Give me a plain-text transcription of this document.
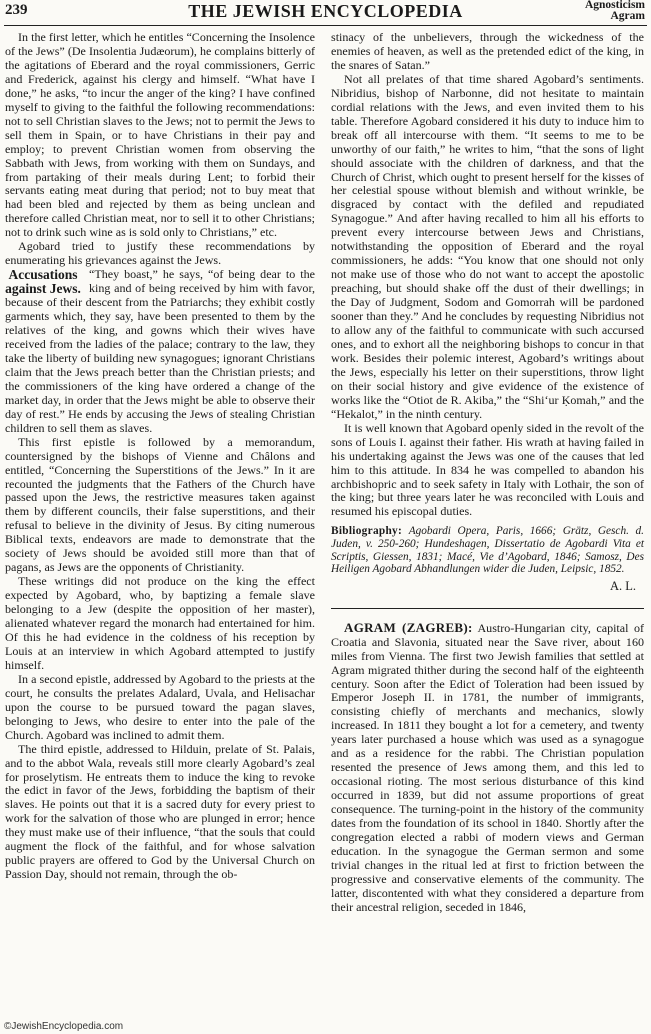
239	THE JEWISH ENCYCLOPEDIA	Agnosticism
Agram

In the first letter, which he entitles “Concerning the Insolence of the Jews” (De Insolentia Judæorum), he complains bitterly of the agitations of Eberard and the royal commissioners, Gerric and Frederick, against his clergy and himself. “What have I done,” he asks, “to incur the anger of the king? I have confined myself to giving to the faithful the following recommendations: not to sell Christian slaves to the Jews; not to permit the Jews to sell them in Spain, or to have Christians in their pay and employ; to prevent Christian women from observing the Sabbath with Jews, from working with them on Sundays, and from partaking of their meals during Lent; to forbid their servants eating meat during that period; not to buy meat that had been bled and rejected by them as being unclean and therefore called Christian meat, nor to sell it to other Christians; not to drink such wine as is sold only to Christians,” etc.

Agobard tried to justify these recommendations by enumerating his grievances against the Jews.

Accusations against Jews.
“They boast,” he says, “of being dear to the king and of being received by him with favor, because of their descent from the Patriarchs; they exhibit costly garments which, they say, have been presented to them by the relatives of the king, and gowns which their wives have received from the ladies of the palace; contrary to the law, they take the liberty of building new synagogues; ignorant Christians claim that the Jews preach better than the Christian priests; and the commissioners of the king have ordered a change of the market day, in order that the Jews might be able to observe their day of rest.” He ends by accusing the Jews of stealing Christian children to sell them as slaves.

This first epistle is followed by a memorandum, countersigned by the bishops of Vienne and Châlons and entitled, “Concerning the Superstitions of the Jews.” In it are recounted the judgments that the Fathers of the Church have passed upon the Jews, the restrictive measures taken against them by different councils, their false superstitions, and their refusal to believe in the divinity of Jesus. By citing numerous Biblical texts, endeavors are made to demonstrate that the society of Jews should be avoided still more than that of pagans, as Jews are the opponents of Christianity.

These writings did not produce on the king the effect expected by Agobard, who, by baptizing a female slave belonging to a Jew (despite the opposition of her master), alienated whatever regard the monarch had entertained for him. Of this he had evidence in the coldness of his reception by Louis at an interview in which Agobard attempted to justify himself.

In a second epistle, addressed by Agobard to the priests at the court, he consults the prelates Adalard, Uvala, and Helisachar upon the course to be pursued toward the pagan slaves, belonging to Jews, who desire to enter into the pale of the Church. Agobard was inclined to admit them.

The third epistle, addressed to Hilduin, prelate of St. Palais, and to the abbot Wala, reveals still more clearly Agobard’s zeal for proselytism. He entreats them to induce the king to revoke the edict in favor of the Jews, forbidding the baptism of their slaves. He points out that it is a sacred duty for every priest to work for the salvation of those who are plunged in error; hence they must make use of their influence, “that the souls that could augment the flock of the faithful, and for whose salvation public prayers are offered to God by the Universal Church on Passion Day, should not remain, through the ob-

stinacy of the unbelievers, through the wickedness of the enemies of heaven, as well as the pretended edict of the king, in the snares of Satan.”

Not all prelates of that time shared Agobard’s sentiments. Nibridius, bishop of Narbonne, did not hesitate to maintain cordial relations with the Jews, and even invited them to his table. Therefore Agobard considered it his duty to induce him to break off all intercourse with them. “It seems to me to be unworthy of our faith,” he writes to him, “that the sons of light should associate with the children of darkness, and that the Church of Christ, which ought to present herself for the kisses of her celestial spouse without blemish and without wrinkle, be disgraced by contact with the defiled and repudiated Synagogue.” And after having recalled to him all his efforts to prevent every intercourse between Jews and Christians, notwithstanding the opposition of Eberard and the royal commissioners, he adds: “You know that one should not only not make use of those who do not want to accept the apostolic preaching, but should shake off the dust of their dwellings; in the Day of Judgment, Sodom and Gomorrah will be pardoned sooner than they.” And he concludes by requesting Nibridius not to allow any of the faithful to communicate with such accursed ones, and to exhort all the neighboring bishops to concur in that work. Besides their polemic interest, Agobard’s writings about the Jews, especially his letter on their superstitions, throw light on their social history and give evidence of the existence of works like the “Otiot de R. Akiba,” the “Shi‘ur Ḳomah,” and the “Hekalot,” in the ninth century.

It is well known that Agobard openly sided in the revolt of the sons of Louis I. against their father. His wrath at having failed in his undertaking against the Jews was one of the causes that led him to this attitude. In 834 he was compelled to abandon his archbishopric and to seek safety in Italy with Lothair, the son of the king; but three years later he was reconciled with Louis and resumed his episcopal duties.

Bibliography: Agobardi Opera, Paris, 1666; Grätz, Gesch. d. Juden, v. 250-260; Hundeshagen, Dissertatio de Agobardi Vita et Scriptis, Giessen, 1831; Macé, Vie d’Agobard, 1846; Samosz, Des Heiligen Agobard Abhandlungen wider die Juden, Leipsic, 1852.

A. L.

AGRAM (ZAGREB): Austro-Hungarian city, capital of Croatia and Slavonia, situated near the Save river, about 160 miles from Vienna. The first two Jewish families that settled at Agram migrated thither during the second half of the eighteenth century. Soon after the Edict of Toleration had been issued by Emperor Joseph II. in 1781, the number of immigrants, consisting chiefly of merchants and mechanics, slowly increased. In 1811 they bought a lot for a cemetery, and twenty years later purchased a house which was used as a synagogue and as a residence for the rabbi. The Christian population resented the presence of Jews among them, and this led to occasional rioting. The most serious disturbance of this kind occurred in 1839, but did not assume proportions of great consequence. The turning-point in the history of the community dates from the foundation of its school in 1840. Shortly after the congregation elected a rabbi of modern views and German education. In the synagogue the German sermon and some trivial changes in the ritual led at first to friction between the progressive and conservative elements of the community. The latter, discontented with what they considered a departure from their ancestral religion, seceded in 1846,

©JewishEncyclopedia.com
